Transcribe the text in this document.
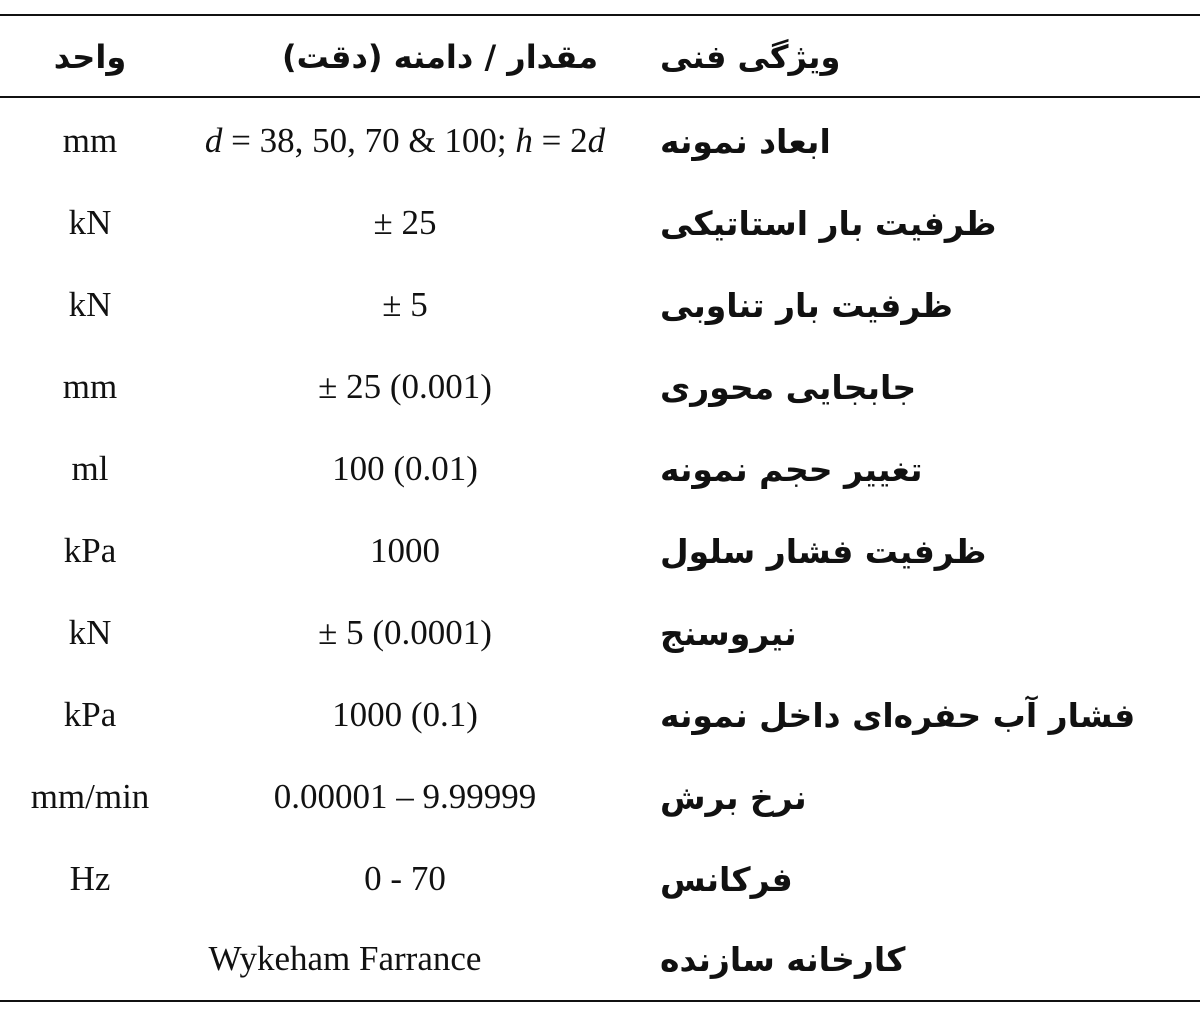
ویژگی فنی
مقدار / دامنه (دقت)
واحد
ابعاد نمونه
d = 38, 50, 70 & 100; h = 2d
mm
ظرفیت بار استاتیکی
± 25
kN
ظرفیت بار تناوبی
± 5
kN
جابجایی محوری
± 25 (0.001)
mm
تغییر حجم نمونه
100 (0.01)
ml
ظرفیت فشار سلول
1000
kPa
نیروسنج
± 5 (0.0001)
kN
فشار آب حفره‌ای داخل نمونه
1000 (0.1)
kPa
نرخ برش
0.00001 – 9.99999
mm/min
فرکانس
0 - 70
Hz
کارخانه سازنده
Wykeham Farrance
